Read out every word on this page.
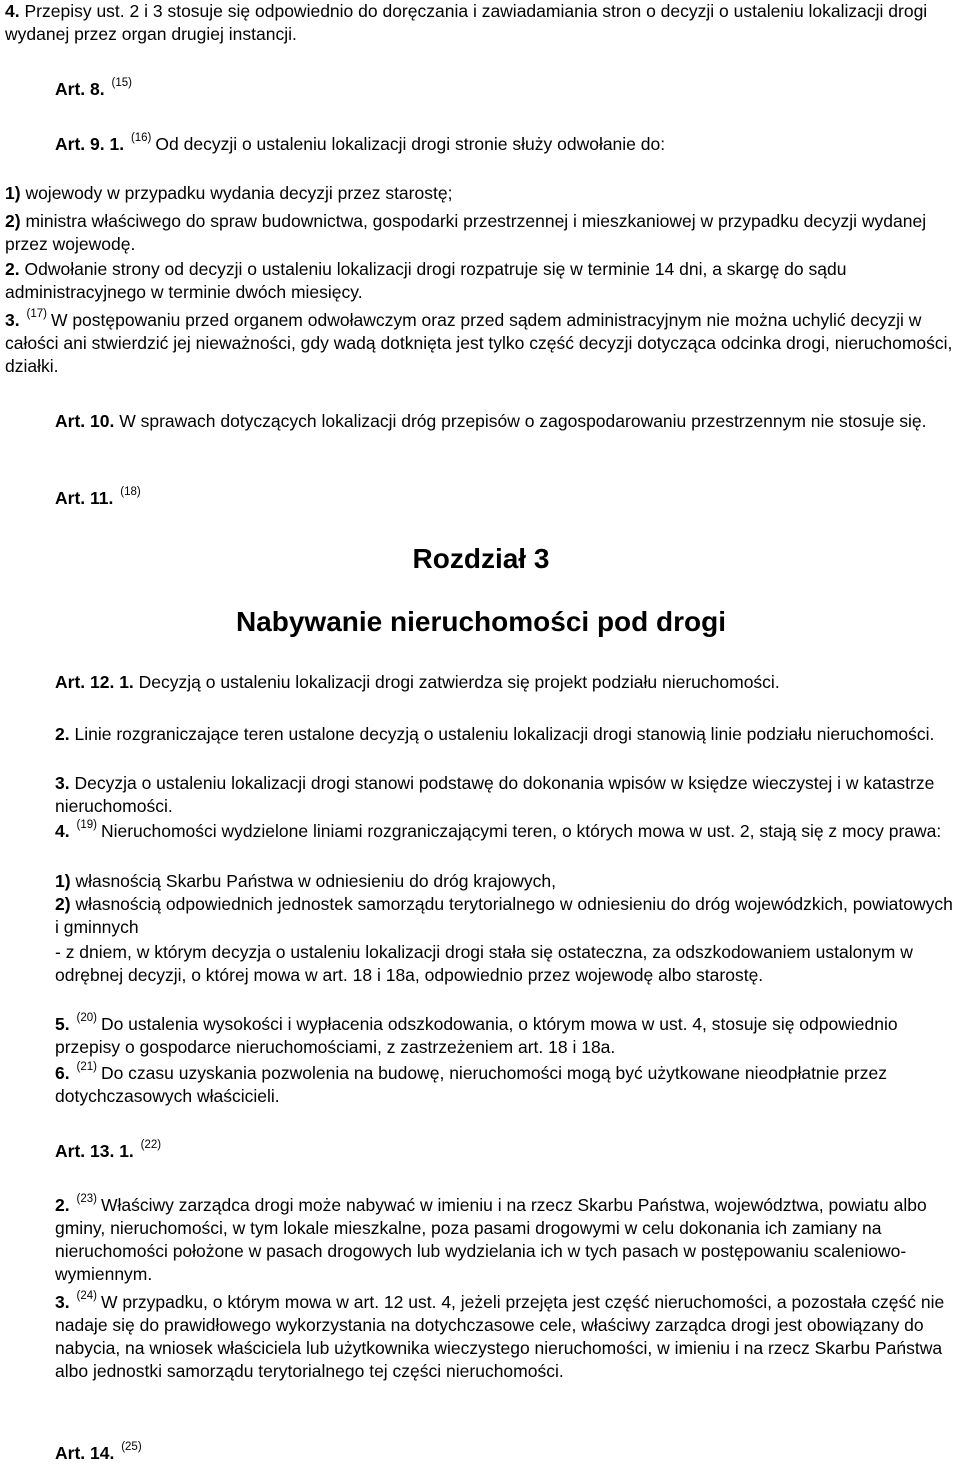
4. Przepisy ust. 2 i 3 stosuje się odpowiednio do doręczania i zawiadamiania stron o decyzji o ustaleniu lokalizacji drogi wydanej przez organ drugiej instancji.

Art. 8. $^{(15)}$

Art. 9. 1. $^{(16)}$ Od decyzji o ustaleniu lokalizacji drogi stronie służy odwołanie do:

1) wojewody w przypadku wydania decyzji przez starostę;

2) ministra właściwego do spraw budownictwa, gospodarki przestrzennej i mieszkaniowej w przypadku decyzji wydanej przez wojewodę.

2. Odwołanie strony od decyzji o ustaleniu lokalizacji drogi rozpatruje się w terminie 14 dni, a skargę do sądu administracyjnego w terminie dwóch miesięcy.

3. $^{(17)}$ W postępowaniu przed organem odwoławczym oraz przed sądem administracyjnym nie można uchylić decyzji w całości ani stwierdzić jej nieważności, gdy wadą dotknięta jest tylko część decyzji dotycząca odcinka drogi, nieruchomości, działki.

Art. 10. W sprawach dotyczących lokalizacji dróg przepisów o zagospodarowaniu przestrzennym nie stosuje się.

Art. 11. $^{(18)}$

Rozdział 3
Nabywanie nieruchomości pod drogi

Art. 12. 1. Decyzją o ustaleniu lokalizacji drogi zatwierdza się projekt podziału nieruchomości.

2. Linie rozgraniczające teren ustalone decyzją o ustaleniu lokalizacji drogi stanowią linie podziału nieruchomości.

3. Decyzja o ustaleniu lokalizacji drogi stanowi podstawę do dokonania wpisów w księdze wieczystej i w katastrze nieruchomości.

4. $^{(19)}$ Nieruchomości wydzielone liniami rozgraniczającymi teren, o których mowa w ust. 2, stają się z mocy prawa:

1) własnością Skarbu Państwa w odniesieniu do dróg krajowych,

2) własnością odpowiednich jednostek samorządu terytorialnego w odniesieniu do dróg wojewódzkich, powiatowych i gminnych

- z dniem, w którym decyzja o ustaleniu lokalizacji drogi stała się ostateczna, za odszkodowaniem ustalonym w odrębnej decyzji, o której mowa w art. 18 i 18a, odpowiednio przez wojewodę albo starostę.

5. $^{(20)}$ Do ustalenia wysokości i wypłacenia odszkodowania, o którym mowa w ust. 4, stosuje się odpowiednio przepisy o gospodarce nieruchomościami, z zastrzeżeniem art. 18 i 18a.

6. $^{(21)}$ Do czasu uzyskania pozwolenia na budowę, nieruchomości mogą być użytkowane nieodpłatnie przez dotychczasowych właścicieli.

Art. 13. 1. $^{(22)}$

2. $^{(23)}$ Właściwy zarządca drogi może nabywać w imieniu i na rzecz Skarbu Państwa, województwa, powiatu albo gminy, nieruchomości, w tym lokale mieszkalne, poza pasami drogowymi w celu dokonania ich zamiany na nieruchomości położone w pasach drogowych lub wydzielania ich w tych pasach w postępowaniu scaleniowo-wymiennym.

3. $^{(24)}$ W przypadku, o którym mowa w art. 12 ust. 4, jeżeli przejęta jest część nieruchomości, a pozostała część nie nadaje się do prawidłowego wykorzystania na dotychczasowe cele, właściwy zarządca drogi jest obowiązany do nabycia, na wniosek właściciela lub użytkownika wieczystego nieruchomości, w imieniu i na rzecz Skarbu Państwa albo jednostki samorządu terytorialnego tej części nieruchomości.

Art. 14. $^{(25)}$
